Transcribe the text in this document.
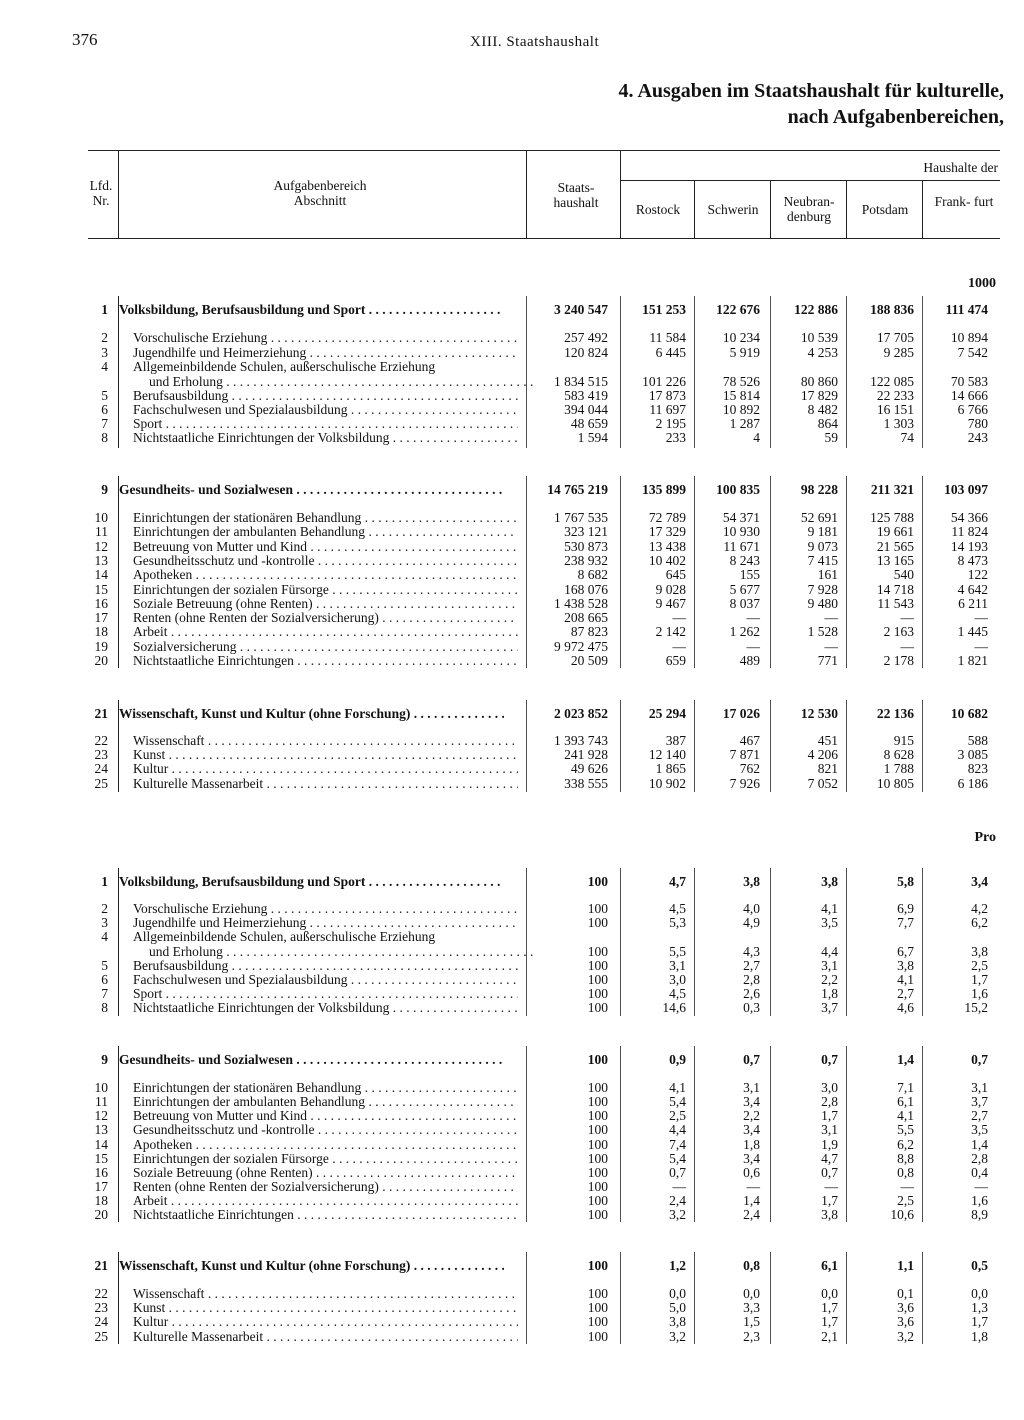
376	XIII. Staatshaushalt
4. Ausgaben im Staatshaushalt für kulturelle,
nach Aufgabenbereichen,
Lfd. Nr.
Aufgabenbereich
Abschnitt
Staats- haushalt
Haushalte der
Rostock	Schwerin
Neubran- denburg	Potsdam
Frank- furt
1000
Pro
1 Volksbildung, Berufsausbildung und Sport . . .	3 240 547	151 253	122 676	122 886	188 836	111 474
2 Vorschulische Erziehung . . .	257 492	11 584	10 234	10 539	17 705	10 894
3 Jugendhilfe und Heimerziehung . . .	120 824	6 445	5 919	4 253	9 285	7 542
4 Allgemeinbildende Schulen, außerschulische Erziehung
und Erholung . . .	1 834 515	101 226	78 526	80 860	122 085	70 583
5 Berufsausbildung . . .	583 419	17 873	15 814	17 829	22 233	14 666
6 Fachschulwesen und Spezialausbildung . . .	394 044	11 697	10 892	8 482	16 151	6 766
7 Sport . . .	48 659	2 195	1 287	864	1 303	780
8 Nichtstaatliche Einrichtungen der Volksbildung . . .	1 594	233	4	59	74	243
9 Gesundheits- und Sozialwesen . . .	14 765 219	135 899	100 835	98 228	211 321	103 097
10 Einrichtungen der stationären Behandlung . . .	1 767 535	72 789	54 371	52 691	125 788	54 366
11 Einrichtungen der ambulanten Behandlung . . .	323 121	17 329	10 930	9 181	19 661	11 824
12 Betreuung von Mutter und Kind . . .	530 873	13 438	11 671	9 073	21 565	14 193
13 Gesundheitsschutz und -kontrolle . . .	238 932	10 402	8 243	7 415	13 165	8 473
14 Apotheken . . .	8 682	645	155	161	540	122
15 Einrichtungen der sozialen Fürsorge . . .	168 076	9 028	5 677	7 928	14 718	4 642
16 Soziale Betreuung (ohne Renten) . . .	1 438 528	9 467	8 037	9 480	11 543	6 211
17 Renten (ohne Renten der Sozialversicherung) . . .	208 665	—	—	—	—	—
18 Arbeit . . .	87 823	2 142	1 262	1 528	2 163	1 445
19 Sozialversicherung . . .	9 972 475	—	—	—	—	—
20 Nichtstaatliche Einrichtungen . . .	20 509	659	489	771	2 178	1 821
21 Wissenschaft, Kunst und Kultur (ohne Forschung) . . .	2 023 852	25 294	17 026	12 530	22 136	10 682
22 Wissenschaft . . .	1 393 743	387	467	451	915	588
23 Kunst . . .	241 928	12 140	7 871	4 206	8 628	3 085
24 Kultur . . .	49 626	1 865	762	821	1 788	823
25 Kulturelle Massenarbeit . . .	338 555	10 902	7 926	7 052	10 805	6 186
1 Volksbildung, Berufsausbildung und Sport . . .	100	4,7	3,8	3,8	5,8	3,4
2 Vorschulische Erziehung . . .	100	4,5	4,0	4,1	6,9	4,2
3 Jugendhilfe und Heimerziehung . . .	100	5,3	4,9	3,5	7,7	6,2
4 Allgemeinbildende Schulen, außerschulische Erziehung
und Erholung . . .	100	5,5	4,3	4,4	6,7	3,8
5 Berufsausbildung . . .	100	3,1	2,7	3,1	3,8	2,5
6 Fachschulwesen und Spezialausbildung . . .	100	3,0	2,8	2,2	4,1	1,7
7 Sport . . .	100	4,5	2,6	1,8	2,7	1,6
8 Nichtstaatliche Einrichtungen der Volksbildung . . .	100	14,6	0,3	3,7	4,6	15,2
9 Gesundheits- und Sozialwesen . . .	100	0,9	0,7	0,7	1,4	0,7
10 Einrichtungen der stationären Behandlung . . .	100	4,1	3,1	3,0	7,1	3,1
11 Einrichtungen der ambulanten Behandlung . . .	100	5,4	3,4	2,8	6,1	3,7
12 Betreuung von Mutter und Kind . . .	100	2,5	2,2	1,7	4,1	2,7
13 Gesundheitsschutz und -kontrolle . . .	100	4,4	3,4	3,1	5,5	3,5
14 Apotheken . . .	100	7,4	1,8	1,9	6,2	1,4
15 Einrichtungen der sozialen Fürsorge . . .	100	5,4	3,4	4,7	8,8	2,8
16 Soziale Betreuung (ohne Renten) . . .	100	0,7	0,6	0,7	0,8	0,4
17 Renten (ohne Renten der Sozialversicherung) . . .	100	—	—	—	—	—
18 Arbeit . . .	100	2,4	1,4	1,7	2,5	1,6
20 Nichtstaatliche Einrichtungen . . .	100	3,2	2,4	3,8	10,6	8,9
21 Wissenschaft, Kunst und Kultur (ohne Forschung) . . .	100	1,2	0,8	6,1	1,1	0,5
22 Wissenschaft . . .	100	0,0	0,0	0,0	0,1	0,0
23 Kunst . . .	100	5,0	3,3	1,7	3,6	1,3
24 Kultur . . .	100	3,8	1,5	1,7	3,6	1,7
25 Kulturelle Massenarbeit . . .	100	3,2	2,3	2,1	3,2	1,8
